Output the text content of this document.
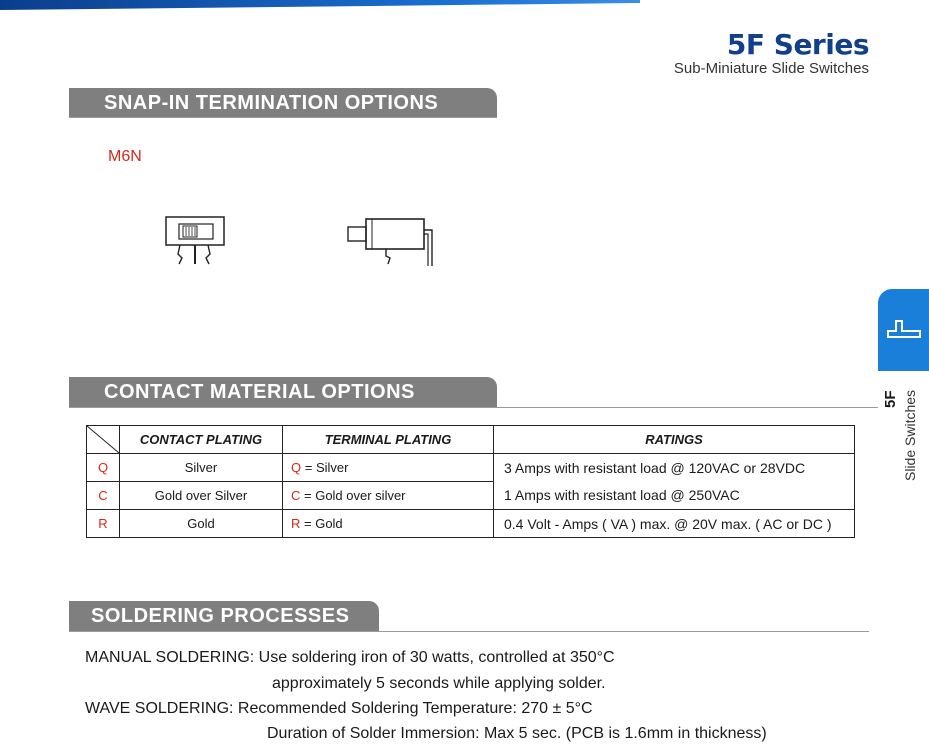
5F Series
Sub-Miniature Slide Switches
SNAP-IN TERMINATION OPTIONS
M6N
CONTACT MATERIAL OPTIONS
	CONTACT PLATING	TERMINAL PLATING	RATINGS
Q	Silver	Q = Silver	3 Amps with resistant load @ 120VAC or 28VDC
C	Gold over Silver	C = Gold over silver	1 Amps with resistant load @ 250VAC
R	Gold	R = Gold	0.4 Volt - Amps ( VA ) max. @ 20V max. ( AC or DC )
SOLDERING PROCESSES
MANUAL SOLDERING: Use soldering iron of 30 watts, controlled at 350°C
approximately 5 seconds while applying solder.
WAVE SOLDERING: Recommended Soldering Temperature: 270 ± 5°C
Duration of Solder Immersion: Max 5 sec. (PCB is 1.6mm in thickness)
5F Slide Switches
